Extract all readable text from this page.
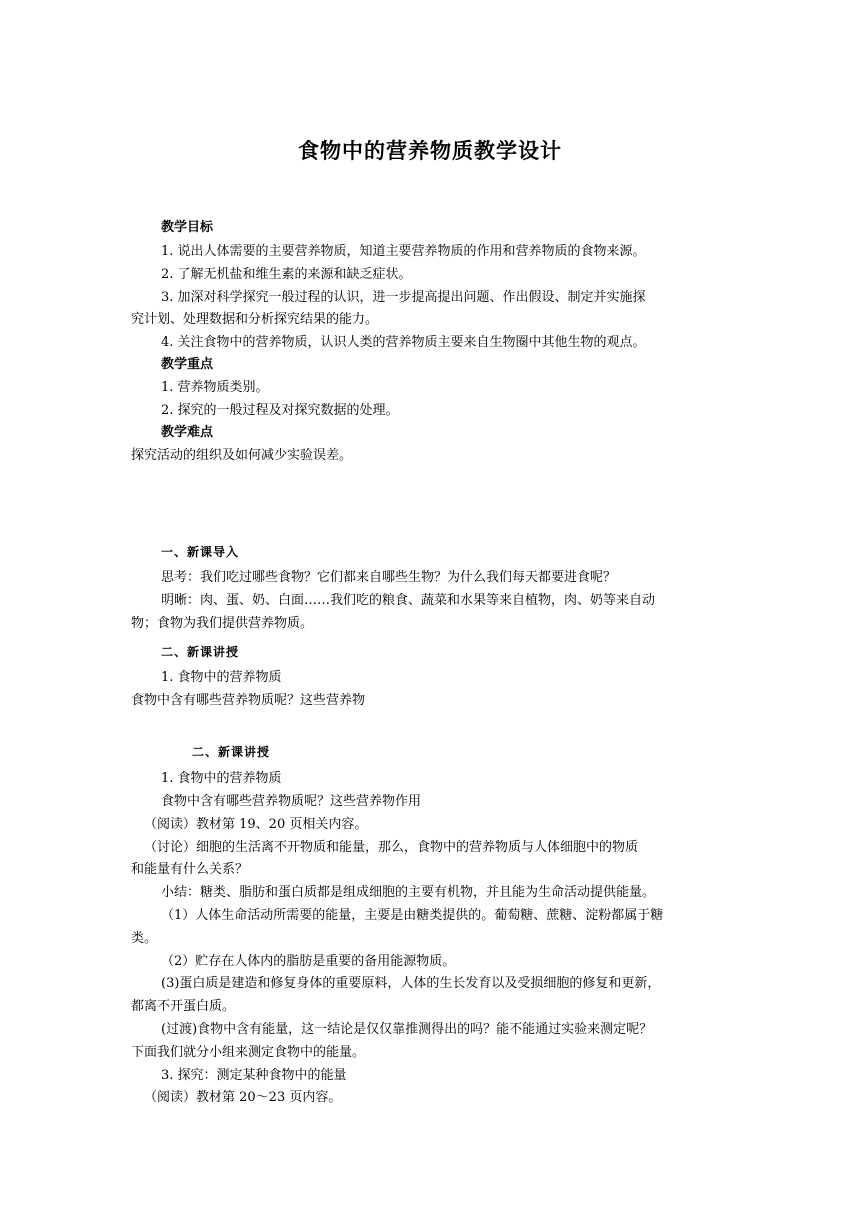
食物中的营养物质教学设计
教学目标
1. 说出人体需要的主要营养物质，知道主要营养物质的作用和营养物质的食物来源。
2. 了解无机盐和维生素的来源和缺乏症状。
3. 加深对科学探究一般过程的认识，进一步提高提出问题、作出假设、制定并实施探
究计划、处理数据和分析探究结果的能力。
4. 关注食物中的营养物质，认识人类的营养物质主要来自生物圈中其他生物的观点。
教学重点
1. 营养物质类别。
2. 探究的一般过程及对探究数据的处理。
教学难点
探究活动的组织及如何减少实验误差。
一、新课导入
思考：我们吃过哪些食物？它们都来自哪些生物？为什么我们每天都要进食呢？
明晰：肉、蛋、奶、白面……我们吃的粮食、蔬菜和水果等来自植物，肉、奶等来自动
物；食物为我们提供营养物质。
二、新课讲授
1. 食物中的营养物质
食物中含有哪些营养物质呢？这些营养物
二、新课讲授
1. 食物中的营养物质
食物中含有哪些营养物质呢？这些营养物作用
（阅读）教材第 19、20 页相关内容。
（讨论）细胞的生活离不开物质和能量，那么，食物中的营养物质与人体细胞中的物质
和能量有什么关系？
小结：糖类、脂肪和蛋白质都是组成细胞的主要有机物，并且能为生命活动提供能量。
（1）人体生命活动所需要的能量，主要是由糖类提供的。葡萄糖、蔗糖、淀粉都属于糖
类。
（2）贮存在人体内的脂肪是重要的备用能源物质。
(3)蛋白质是建造和修复身体的重要原料，人体的生长发育以及受损细胞的修复和更新，
都离不开蛋白质。
(过渡)食物中含有能量，这一结论是仅仅靠推测得出的吗？能不能通过实验来测定呢？
下面我们就分小组来测定食物中的能量。
3. 探究：测定某种食物中的能量
（阅读）教材第 20～23 页内容。
